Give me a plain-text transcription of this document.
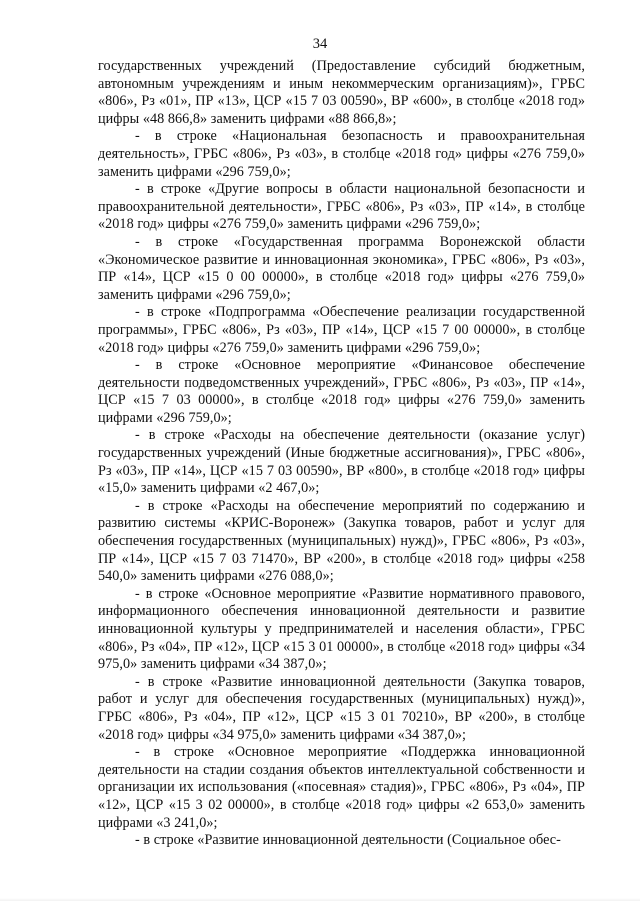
34

государственных учреждений (Предоставление субсидий бюджетным, автономным учреждениям и иным некоммерческим организациям)», ГРБС «806», Рз «01», ПР «13», ЦСР «15 7 03 00590», ВР «600», в столбце «2018 год» цифры «48 866,8» заменить цифрами «88 866,8»;

- в строке «Национальная безопасность и правоохранительная деятельность», ГРБС «806», Рз «03», в столбце «2018 год» цифры «276 759,0» заменить цифрами «296 759,0»;

- в строке «Другие вопросы в области национальной безопасности и правоохранительной деятельности», ГРБС «806», Рз «03», ПР «14», в столбце «2018 год» цифры «276 759,0» заменить цифрами «296 759,0»;

- в строке «Государственная программа Воронежской области «Экономическое развитие и инновационная экономика», ГРБС «806», Рз «03», ПР «14», ЦСР «15 0 00 00000», в столбце «2018 год» цифры «276 759,0» заменить цифрами «296 759,0»;

- в строке «Подпрограмма «Обеспечение реализации государственной программы», ГРБС «806», Рз «03», ПР «14», ЦСР «15 7 00 00000», в столбце «2018 год» цифры «276 759,0» заменить цифрами «296 759,0»;

- в строке «Основное мероприятие «Финансовое обеспечение деятельности подведомственных учреждений», ГРБС «806», Рз «03», ПР «14», ЦСР «15 7 03 00000», в столбце «2018 год» цифры «276 759,0» заменить цифрами «296 759,0»;

- в строке «Расходы на обеспечение деятельности (оказание услуг) государственных учреждений (Иные бюджетные ассигнования)», ГРБС «806», Рз «03», ПР «14», ЦСР «15 7 03 00590», ВР «800», в столбце «2018 год» цифры «15,0» заменить цифрами «2 467,0»;

- в строке «Расходы на обеспечение мероприятий по содержанию и развитию системы «КРИС-Воронеж» (Закупка товаров, работ и услуг для обеспечения государственных (муниципальных) нужд)», ГРБС «806», Рз «03», ПР «14», ЦСР «15 7 03 71470», ВР «200», в столбце «2018 год» цифры «258 540,0» заменить цифрами «276 088,0»;

- в строке «Основное мероприятие «Развитие нормативного правового, информационного обеспечения инновационной деятельности и развитие инновационной культуры у предпринимателей и населения области», ГРБС «806», Рз «04», ПР «12», ЦСР «15 3 01 00000», в столбце «2018 год» цифры «34 975,0» заменить цифрами «34 387,0»;

- в строке «Развитие инновационной деятельности (Закупка товаров, работ и услуг для обеспечения государственных (муниципальных) нужд)», ГРБС «806», Рз «04», ПР «12», ЦСР «15 3 01 70210», ВР «200», в столбце «2018 год» цифры «34 975,0» заменить цифрами «34 387,0»;

- в строке «Основное мероприятие «Поддержка инновационной деятельности на стадии создания объектов интеллектуальной собственности и организации их использования («посевная» стадия)», ГРБС «806», Рз «04», ПР «12», ЦСР «15 3 02 00000», в столбце «2018 год» цифры «2 653,0» заменить цифрами «3 241,0»;

- в строке «Развитие инновационной деятельности (Социальное обес-
